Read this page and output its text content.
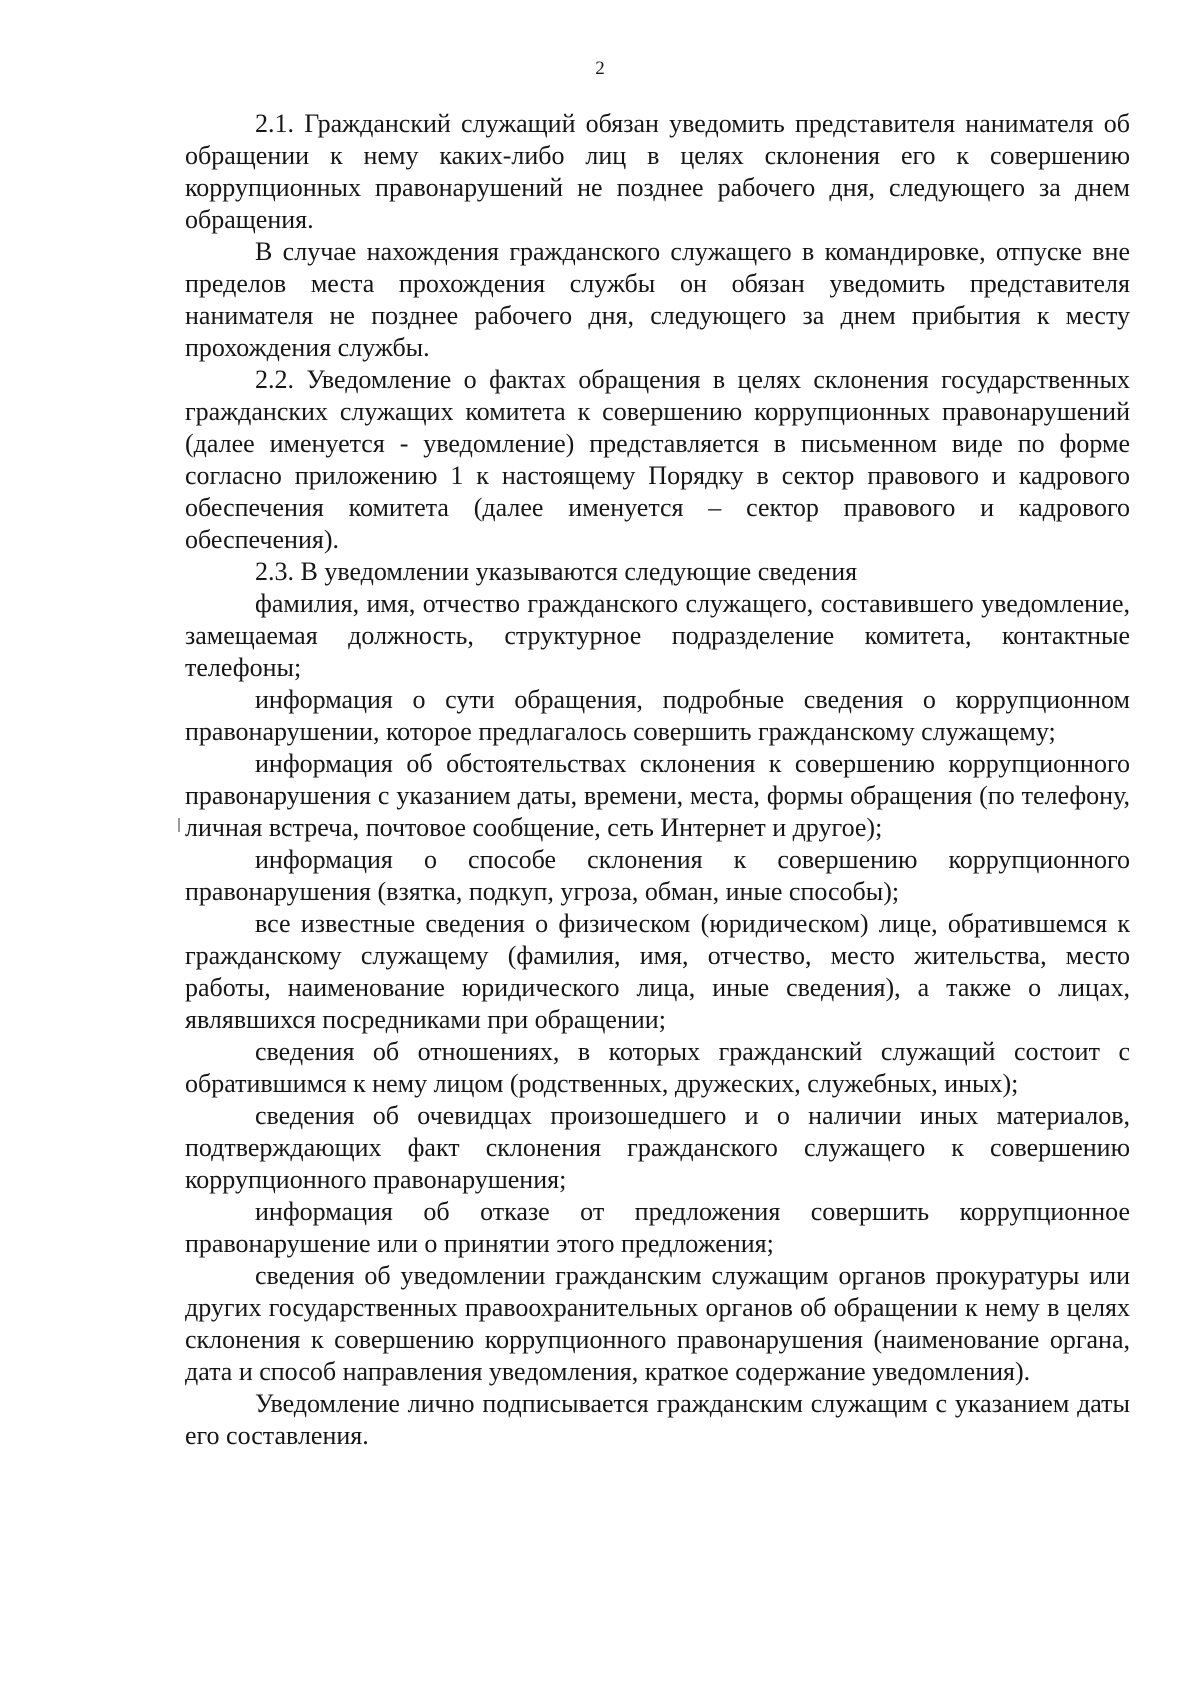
2

2.1. Гражданский служащий обязан уведомить представителя нанимателя об обращении к нему каких-либо лиц в целях склонения его к совершению коррупционных правонарушений не позднее рабочего дня, следующего за днем обращения.

В случае нахождения гражданского служащего в командировке, отпуске вне пределов места прохождения службы он обязан уведомить представителя нанимателя не позднее рабочего дня, следующего за днем прибытия к месту прохождения службы.

2.2. Уведомление о фактах обращения в целях склонения государственных гражданских служащих комитета к совершению коррупционных правонарушений (далее именуется - уведомление) представляется в письменном виде по форме согласно приложению 1 к настоящему Порядку в сектор правового и кадрового обеспечения комитета (далее именуется – сектор правового и кадрового обеспечения).

2.3. В уведомлении указываются следующие сведения

фамилия, имя, отчество гражданского служащего, составившего уведомление, замещаемая должность, структурное подразделение комитета, контактные телефоны;

информация о сути обращения, подробные сведения о коррупционном правонарушении, которое предлагалось совершить гражданскому служащему;

информация об обстоятельствах склонения к совершению коррупционного правонарушения с указанием даты, времени, места, формы обращения (по телефону, личная встреча, почтовое сообщение, сеть Интернет и другое);

информация о способе склонения к совершению коррупционного правонарушения (взятка, подкуп, угроза, обман, иные способы);

все известные сведения о физическом (юридическом) лице, обратившемся к гражданскому служащему (фамилия, имя, отчество, место жительства, место работы, наименование юридического лица, иные сведения), а также о лицах, являвшихся посредниками при обращении;

сведения об отношениях, в которых гражданский служащий состоит с обратившимся к нему лицом (родственных, дружеских, служебных, иных);

сведения об очевидцах произошедшего и о наличии иных материалов, подтверждающих факт склонения гражданского служащего к совершению коррупционного правонарушения;

информация об отказе от предложения совершить коррупционное правонарушение или о принятии этого предложения;

сведения об уведомлении гражданским служащим органов прокуратуры или других государственных правоохранительных органов об обращении к нему в целях склонения к совершению коррупционного правонарушения (наименование органа, дата и способ направления уведомления, краткое содержание уведомления).

Уведомление лично подписывается гражданским служащим с указанием даты его составления.
